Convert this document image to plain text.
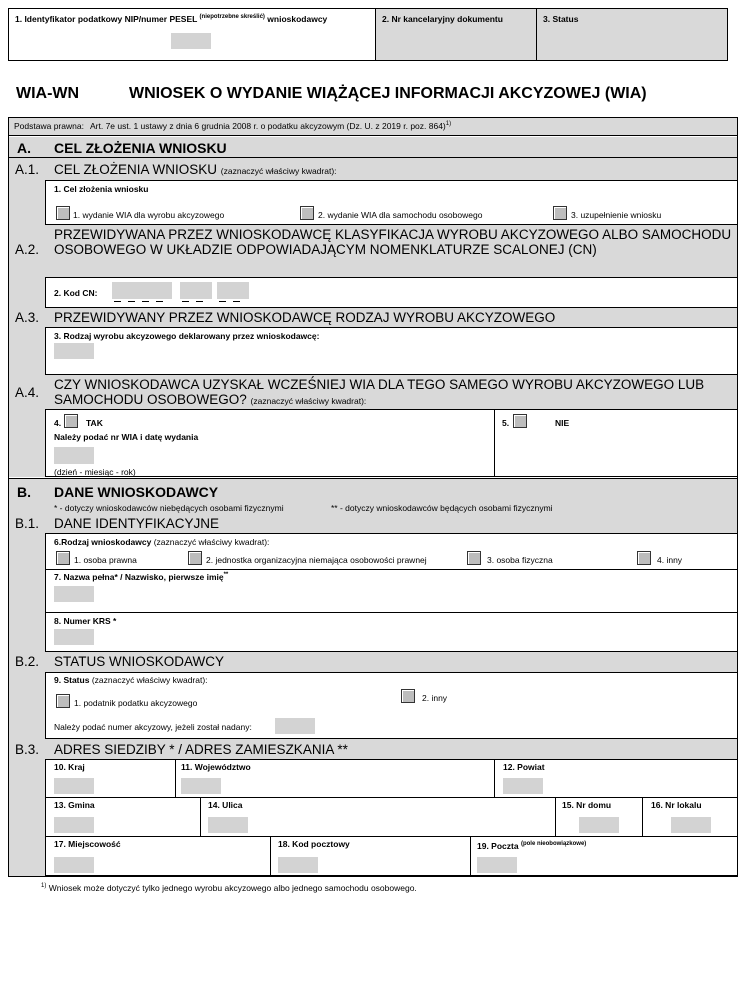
1. Identyfikator podatkowy NIP/numer PESEL $^{(niepotrzebne skreślić)}$ wnioskodawcy	2. Nr kancelaryjny dokumentu	3. Status
WIA-WN	WNIOSEK O WYDANIE WIĄŻĄCEJ INFORMACJI AKCYZOWEJ (WIA)
Podstawa prawna: Art. 7e ust. 1 ustawy z dnia 6 grudnia 2008 r. o podatku akcyzowym (Dz. U. z 2019 r. poz. 864)$^{1)}$
A. CEL ZŁOŻENIA WNIOSKU
A.1. CEL ZŁOŻENIA WNIOSKU (zaznaczyć właściwy kwadrat):
1. Cel złożenia wniosku
1. wydanie WIA dla wyrobu akcyzowego	2. wydanie WIA dla samochodu osobowego	3. uzupełnienie wniosku
A.2.
PRZEWIDYWANA PRZEZ WNIOSKODAWCĘ KLASYFIKACJA WYROBU AKCYZOWEGO ALBO SAMOCHODU
OSOBOWEGO W UKŁADZIE ODPOWIADAJĄCYM NOMENKLATURZE SCALONEJ (CN)
2. Kod CN:
A.3. PRZEWIDYWANY PRZEZ WNIOSKODAWCĘ RODZAJ WYROBU AKCYZOWEGO
3. Rodzaj wyrobu akcyzowego deklarowany przez wnioskodawcę:
A.4.
CZY WNIOSKODAWCA UZYSKAŁ WCZEŚNIEJ WIA DLA TEGO SAMEGO WYROBU AKCYZOWEGO LUB
SAMOCHODU OSOBOWEGO? (zaznaczyć właściwy kwadrat):
4.	TAK
Należy podać nr WIA i datę wydania
(dzień - miesiąc - rok)
5.	NIE
B. DANE WNIOSKODAWCY
* - dotyczy wnioskodawców niebędących osobami fizycznymi	** - dotyczy wnioskodawców będących osobami fizycznymi
B.1. DANE IDENTYFIKACYJNE
6.Rodzaj wnioskodawcy (zaznaczyć właściwy kwadrat):
1. osoba prawna	2. jednostka organizacyjna niemająca osobowości prawnej	3. osoba fizyczna	4. inny
7. Nazwa pełna* / Nazwisko, pierwsze imię**
8. Numer KRS *
B.2. STATUS WNIOSKODAWCY
9. Status (zaznaczyć właściwy kwadrat):
1. podatnik podatku akcyzowego	2. inny
Należy podać numer akcyzowy, jeżeli został nadany:
B.3. ADRES SIEDZIBY * / ADRES ZAMIESZKANIA **
10. Kraj	11. Województwo	12. Powiat
13. Gmina	14. Ulica	15. Nr domu	16. Nr lokalu
17. Miejscowość	18. Kod pocztowy	19. Poczta $^{(pole nieobowiązkowe)}$
$^{1)}$ Wniosek może dotyczyć tylko jednego wyrobu akcyzowego albo jednego samochodu osobowego.
